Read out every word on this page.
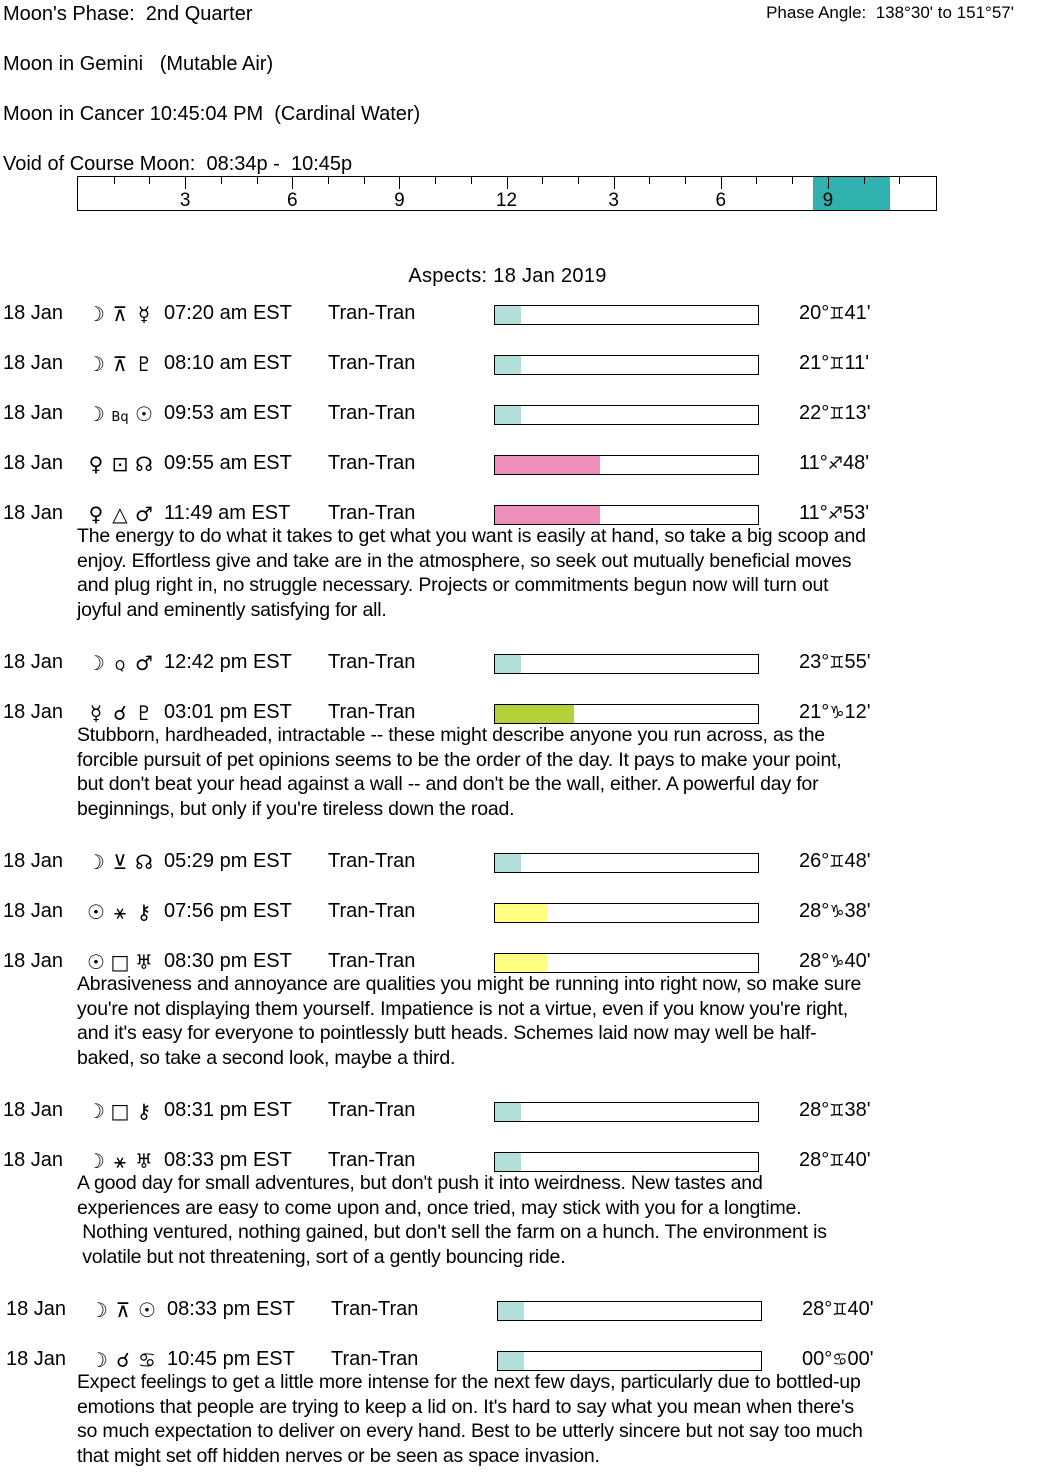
Moon's Phase:  2nd Quarter	Phase Angle:  138°30' to 151°57'
Moon in Gemini   (Mutable Air)
Moon in Cancer 10:45:04 PM  (Cardinal Water)
Void of Course Moon:  08:34p -  10:45p
3	6	9	12	3	6	9
Aspects: 18 Jan 2019
18 Jan ☽ ⊼ ☿ 07:20 am EST Tran-Tran	20°♊41'
18 Jan ☽ ⊼ ♇ 08:10 am EST Tran-Tran	21°♊11'
18 Jan ☽ Bq ☉ 09:53 am EST Tran-Tran	22°♊13'
18 Jan ♀ ⊡ ☊ 09:55 am EST Tran-Tran	11°♐48'
18 Jan ♀ △ ♂ 11:49 am EST Tran-Tran	11°♐53'
The energy to do what it takes to get what you want is easily at hand, so take a big scoop and
enjoy. Effortless give and take are in the atmosphere, so seek out mutually beneficial moves
and plug right in, no struggle necessary. Projects or commitments begun now will turn out
joyful and eminently satisfying for all.
18 Jan ☽ Q ♂ 12:42 pm EST Tran-Tran	23°♊55'
18 Jan ☿ ☌ ♇ 03:01 pm EST Tran-Tran	21°♑12'
Stubborn, hardheaded, intractable -- these might describe anyone you run across, as the
forcible pursuit of pet opinions seems to be the order of the day. It pays to make your point,
but don't beat your head against a wall -- and don't be the wall, either. A powerful day for
beginnings, but only if you're tireless down the road.
18 Jan ☽ ⊻ ☊ 05:29 pm EST Tran-Tran	26°♊48'
18 Jan ☉ ⚹ ⚷ 07:56 pm EST Tran-Tran	28°♑38'
18 Jan ☉ □ ♅ 08:30 pm EST Tran-Tran	28°♑40'
Abrasiveness and annoyance are qualities you might be running into right now, so make sure
you're not displaying them yourself. Impatience is not a virtue, even if you know you're right,
and it's easy for everyone to pointlessly butt heads. Schemes laid now may well be half-
baked, so take a second look, maybe a third.
18 Jan ☽ □ ⚷ 08:31 pm EST Tran-Tran	28°♊38'
18 Jan ☽ ⚹ ♅ 08:33 pm EST Tran-Tran	28°♊40'
A good day for small adventures, but don't push it into weirdness. New tastes and
experiences are easy to come upon and, once tried, may stick with you for a longtime.
Nothing ventured, nothing gained, but don't sell the farm on a hunch. The environment is
volatile but not threatening, sort of a gently bouncing ride.
18 Jan ☽ ⊼ ☉ 08:33 pm EST Tran-Tran	28°♊40'
18 Jan ☽ ☌ ♋ 10:45 pm EST Tran-Tran	00°♋00'
Expect feelings to get a little more intense for the next few days, particularly due to bottled-up
emotions that people are trying to keep a lid on. It's hard to say what you mean when there's
so much expectation to deliver on every hand. Best to be utterly sincere but not say too much
that might set off hidden nerves or be seen as space invasion.
